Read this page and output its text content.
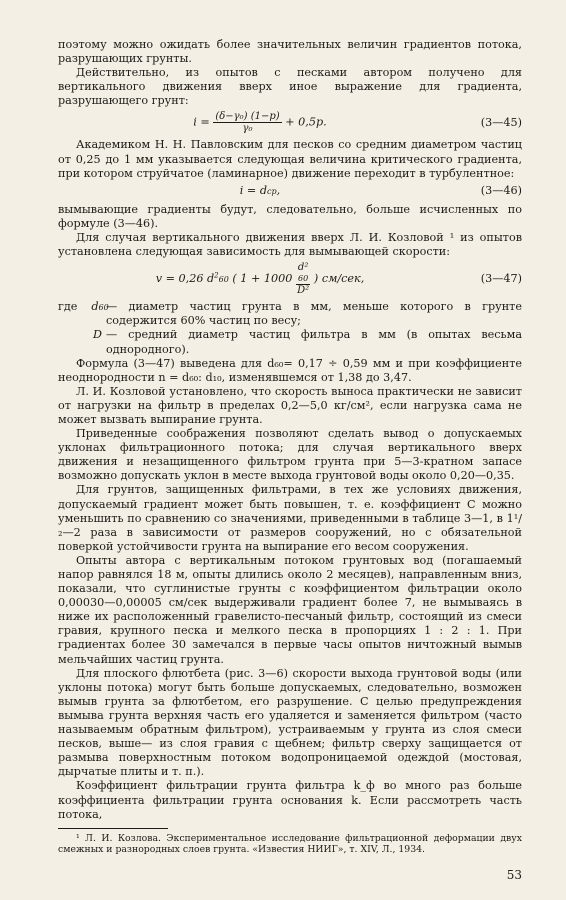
поэтому можно ожидать более значительных величин градиентов потока, разрушающих грунты.

Действительно, из опытов с песками автором получено для вертикального движения вверх иное выражение для градиента, разрушающего грунт:

$i = \frac{\text{(δ−γ₀) (1−p)}}{\text{γ₀}} + 0,5p$.	(3—45)

Академиком Н. Н. Павловским для песков со средним диаметром частиц от 0,25 до 1 мм указывается следующая величина критического градиента, при котором струйчатое (ламинарное) движение переходит в турбулентное:

i = dср,	(3—46)

вымывающие градиенты будут, следовательно, больше исчисленных по формуле (3—46).

Для случая вертикального движения вверх Л. И. Козловой ¹ из опытов установлена следующая зависимость для вымывающей скорости:

v = 0,26 $d^260$ ( 1 + 1000 d²
60
D² ) см/сек,	(3—47)
где d60
— диаметр частиц грунта в мм, меньше которого в грунте содержится 60% частиц по весу;
D — средний диаметр частиц фильтра в мм (в опытах весьма однородного).

Формула (3—47) выведена для d₆₀= 0,17 ÷ 0,59 мм и при коэффициенте неоднородности n = d₆₀: d₁₀, изменявшемся от 1,38 до 3,47.

Л. И. Козловой установлено, что скорость выноса практически не зависит от нагрузки на фильтр в пределах 0,2—5,0 кг/см², если нагрузка сама не может вызвать выпирание грунта.

Приведенные соображения позволяют сделать вывод о допускаемых уклонах фильтрационного потока; для случая вертикального вверх движения и незащищенного фильтром грунта при 5—3-кратном запасе возможно допускать уклон в месте выхода грунтовой воды около 0,20—0,35.

Для грунтов, защищенных фильтрами, в тех же условиях движения, допускаемый градиент может быть повышен, т. е. коэффициент C можно уменьшить по сравнению со значениями, приведенными в таблице 3—1, в 1¹/₂—2 раза в зависимости от размеров сооружений, но с обязательной поверкой устойчивости грунта на выпирание его весом сооружения.

Опыты автора с вертикальным потоком грунтовых вод (погашаемый напор равнялся 18 м, опыты длились около 2 месяцев), направленным вниз, показали, что суглинистые грунты с коэффициентом фильтрации около 0,00030—0,00005 см/сек выдерживали градиент более 7, не вымываясь в ниже их расположенный гравелисто-песчаный фильтр, состоящий из смеси гравия, крупного песка и мелкого песка в пропорциях 1 : 2 : 1. При градиентах более 30 замечался в первые часы опытов ничтожный вымыв мельчайших частиц грунта.

Для плоского флютбета (рис. 3—6) скорости выхода грунтовой воды (или уклоны потока) могут быть больше допускаемых, следовательно, возможен вымыв грунта за флютбетом, его разрушение. С целью предупреждения вымыва грунта верхняя часть его удаляется и заменяется фильтром (часто называемым обратным фильтром), устраиваемым у грунта из слоя смеси песков, выше— из слоя гравия с щебнем; фильтр сверху защищается от размыва поверхностным потоком водопроницаемой одеждой (мостовая, дырчатые плиты и т. п.).

Коэффициент фильтрации грунта фильтра k_ф во много раз больше коэффициента фильтрации грунта основания k. Если рассмотреть часть потока,

¹ Л. И. Козлова. Экспериментальное исследование фильтрационной деформации двух смежных и разнородных слоев грунта. «Известия НИИГ», т. XIV, Л., 1934.

53
